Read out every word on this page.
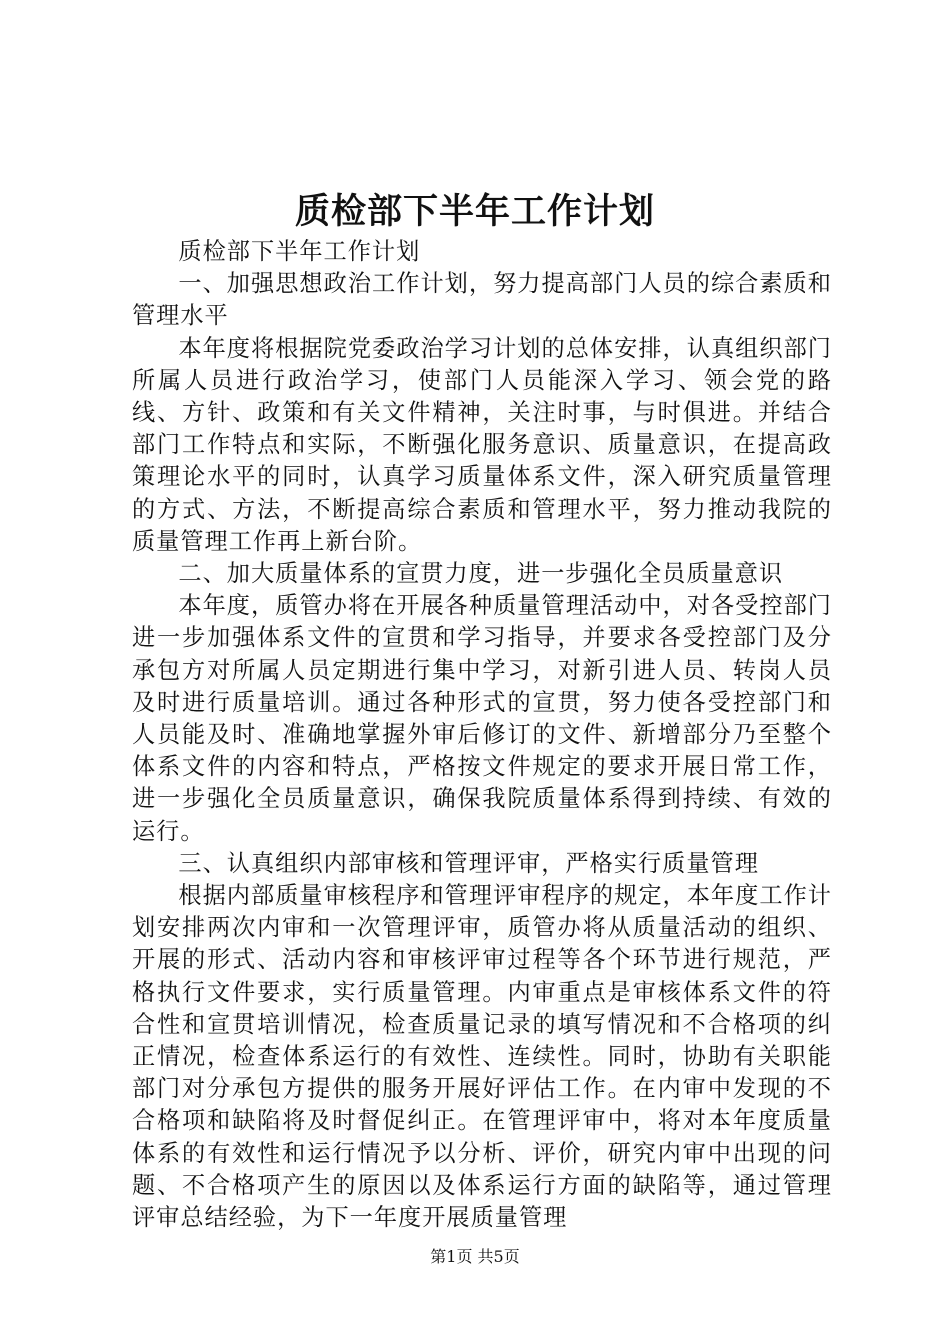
质检部下半年工作计划

质检部下半年工作计划

一、加强思想政治工作计划，努力提高部门人员的综合素质和管理水平

本年度将根据院党委政治学习计划的总体安排，认真组织部门所属人员进行政治学习，使部门人员能深入学习、领会党的路线、方针、政策和有关文件精神，关注时事，与时俱进。并结合部门工作特点和实际，不断强化服务意识、质量意识，在提高政策理论水平的同时，认真学习质量体系文件，深入研究质量管理的方式、方法，不断提高综合素质和管理水平，努力推动我院的质量管理工作再上新台阶。

二、加大质量体系的宣贯力度，进一步强化全员质量意识

本年度，质管办将在开展各种质量管理活动中，对各受控部门进一步加强体系文件的宣贯和学习指导，并要求各受控部门及分承包方对所属人员定期进行集中学习，对新引进人员、转岗人员及时进行质量培训。通过各种形式的宣贯，努力使各受控部门和人员能及时、准确地掌握外审后修订的文件、新增部分乃至整个体系文件的内容和特点，严格按文件规定的要求开展日常工作，进一步强化全员质量意识，确保我院质量体系得到持续、有效的运行。

三、认真组织内部审核和管理评审，严格实行质量管理

根据内部质量审核程序和管理评审程序的规定，本年度工作计划安排两次内审和一次管理评审，质管办将从质量活动的组织、开展的形式、活动内容和审核评审过程等各个环节进行规范，严格执行文件要求，实行质量管理。内审重点是审核体系文件的符合性和宣贯培训情况，检查质量记录的填写情况和不合格项的纠正情况，检查体系运行的有效性、连续性。同时，协助有关职能部门对分承包方提供的服务开展好评估工作。在内审中发现的不合格项和缺陷将及时督促纠正。在管理评审中，将对本年度质量体系的有效性和运行情况予以分析、评价，研究内审中出现的问题、不合格项产生的原因以及体系运行方面的缺陷等，通过管理评审总结经验，为下一年度开展质量管理

第1页 共5页
